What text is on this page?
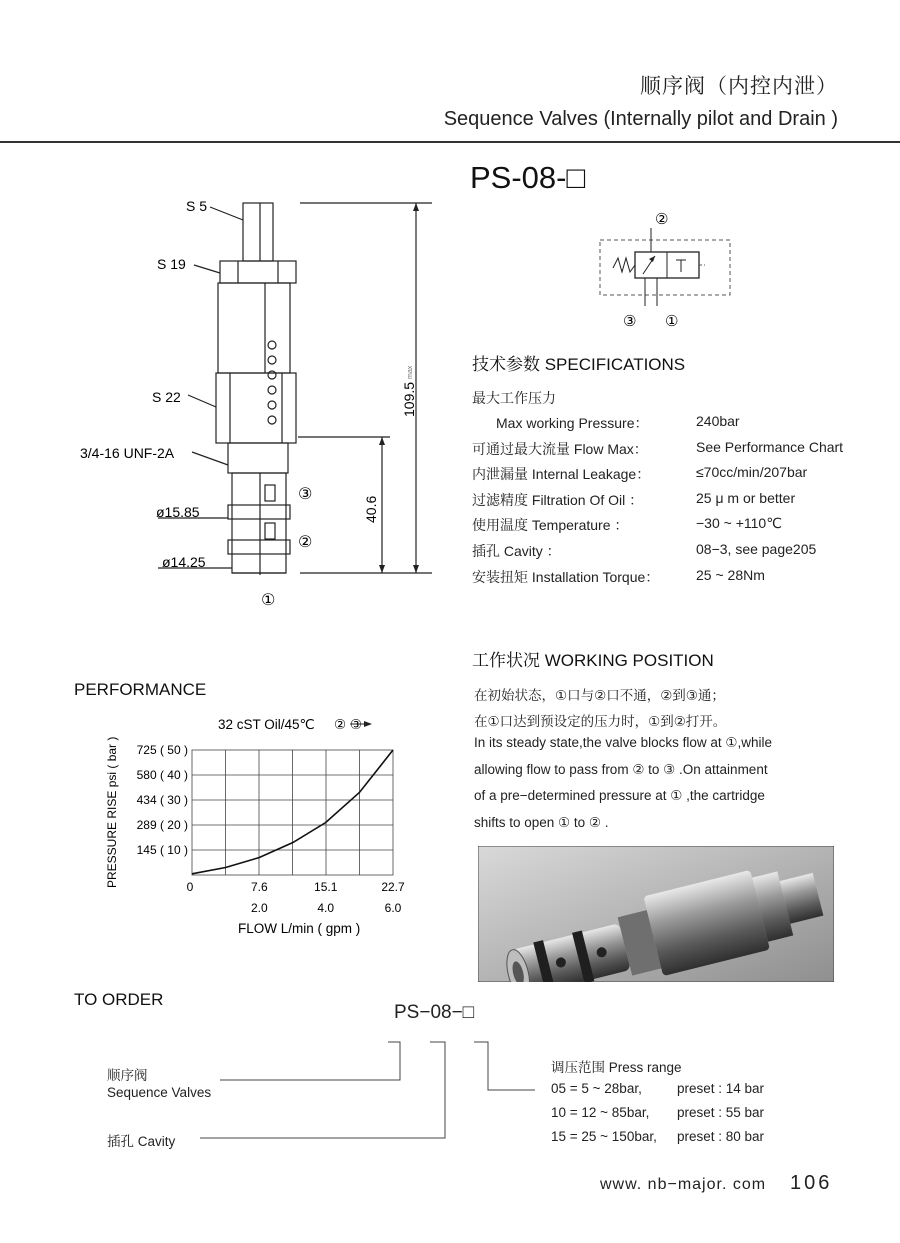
顺序阀（内控内泄）
Sequence Valves (Internally pilot and Drain )
PS-08-□
S 5
S 19
S 22
3/4-16 UNF-2A
ø15.85
ø14.25
109.5
max
40.6
③
②
①
②
③ ①
技术参数 SPECIFICATIONS
最大工作压力
Max working Pressure：	240bar
可通过最大流量 Flow Max：	See Performance Chart
内泄漏量 Internal Leakage：	≤70cc/min/207bar
过滤精度 Filtration Of Oil ：	25 μ m or better
使用温度 Temperature ：	−30 ~ +110℃
插孔 Cavity ：	08−3, see page205
安装扭矩 Installation Torque：	25 ~ 28Nm
工作状况 WORKING POSITION
在初始状态，①口与②口不通，②到③通；
在①口达到预设定的压力时，①到②打开。
In its steady state,the valve blocks flow at ①,while
allowing flow to pass from ② to ③ .On attainment
of a pre−determined pressure at ① ,the cartridge
shifts to open ① to ② .
PERFORMANCE
32 cST Oil/45℃ ② ③
725 ( 50 )
580 ( 40 )
434 ( 30 )
289 ( 20 )
145 ( 10 )
0	7.6	15.1	22.7
2.0	4.0	6.0
PRESSURE RISE psi ( bar )
FLOW L/min ( gpm )
TO ORDER
PS−08−□
顺序阀
Sequence Valves
插孔 Cavity
调压范围 Press range
05 = 5 ~ 28bar,	preset : 14 bar
10 = 12 ~ 85bar, preset : 55 bar
15 = 25 ~ 150bar, preset : 80 bar
www. nb−major. com 106
